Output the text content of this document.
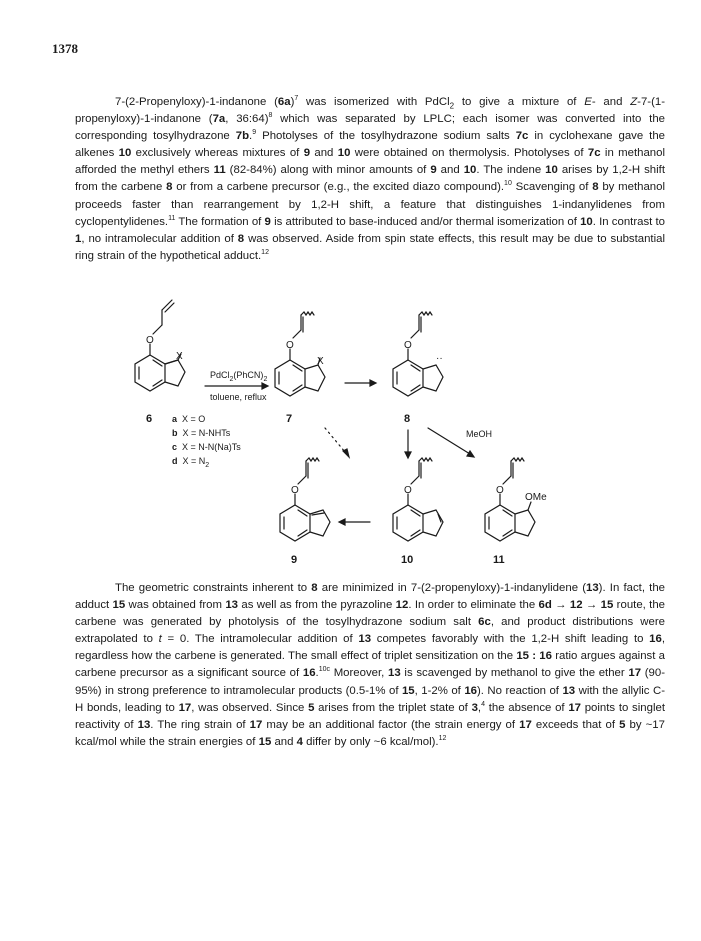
1378

7-(2-Propenyloxy)-1-indanone $(6a)^7$ was isomerized with PdCl$_2$ to give a mixture of E- and Z-7-(1-propenyloxy)-1-indanone (7a, 36:64)$^8$ which was separated by LPLC; each isomer was converted into the corresponding tosylhydrazone 7b.$^9$ Photolyses of the tosylhydrazone sodium salts 7c in cyclohexane gave the alkenes 10 exclusively whereas mixtures of 9 and 10 were obtained on thermolysis. Photolyses of 7c in methanol afforded the methyl ethers 11 (82-84%) along with minor amounts of 9 and 10. The indene 10 arises by 1,2-H shift from the carbene 8 or from a carbene precursor (e.g., the excited diazo compound).$^{10}$ Scavenging of 8 by methanol proceeds faster than rearrangement by 1,2-H shift, a feature that distinguishes 1-indanylidenes from cyclopentylidenes.$^{11}$ The formation of 9 is attributed to base-induced and/or thermal isomerization of 10. In contrast to 1, no intramolecular addition of 8 was observed. Aside from spin state effects, this result may be due to substantial ring strain of the hypothetical adduct.$^{12}$

O
X
O
X
O
··
O	O	O
OMe
$PdCl_2(PhCN)_2$
toluene, reflux
MeOH
6	7	8
9	10	11
a X = O
b X = N-NHTs
c X = N-N(Na)Ts
d $X = N_2$

The geometric constraints inherent to 8 are minimized in 7-(2-propenyloxy)-1-indanylidene (13). In fact, the adduct 15 was obtained from 13 as well as from the pyrazoline 12. In order to eliminate the 6d → 12 → 15 route, the carbene was generated by photolysis of the tosylhydrazone sodium salt 6c, and product distributions were extrapolated to t = 0. The intramolecular addition of 13 competes favorably with the 1,2-H shift leading to 16, regardless how the carbene is generated. The small effect of triplet sensitization on the 15 : 16 ratio argues against a carbene precursor as a significant source of 16.$^{10c}$ Moreover, 13 is scavenged by methanol to give the ether 17 (90-95%) in strong preference to intramolecular products (0.5-1% of 15, 1-2% of 16). No reaction of 13 with the allylic C-H bonds, leading to 17, was observed. Since 5 arises from the triplet state of 3,$^4$ the absence of 17 points to singlet reactivity of 13. The ring strain of 17 may be an additional factor (the strain energy of 17 exceeds that of 5 by ~17 kcal/mol while the strain energies of 15 and 4 differ by only ~6 kcal/mol).$^{12}$
